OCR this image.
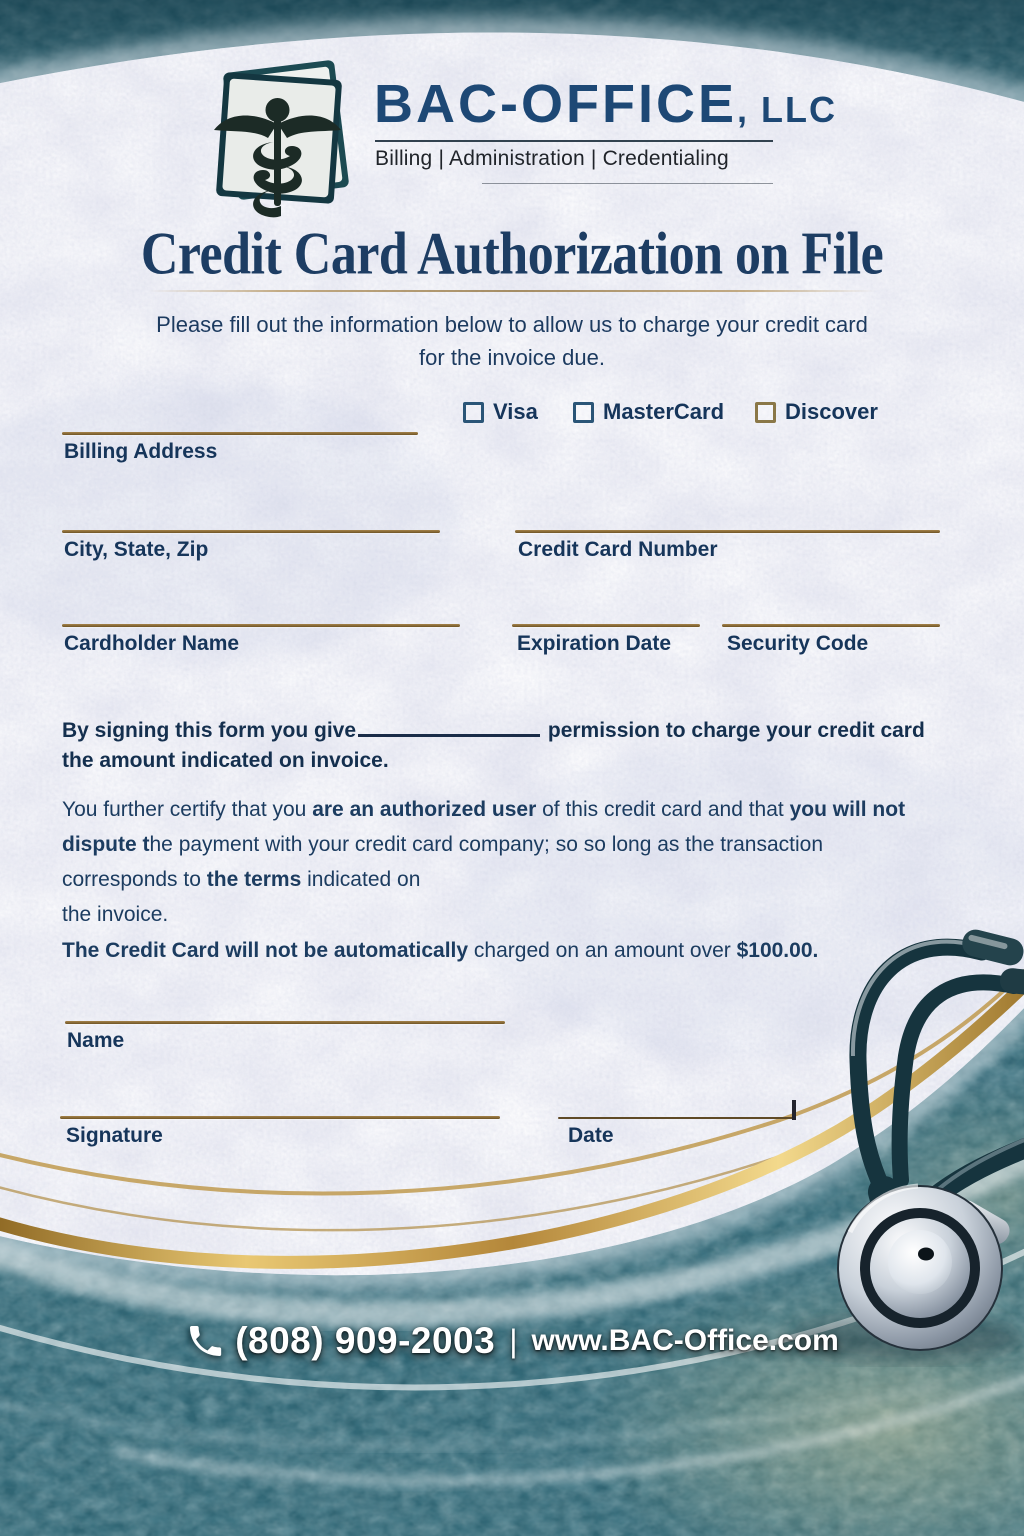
BAC-OFFICE, LLC
Billing | Administration | Credentialing
Credit Card Authorization on File
Please fill out the information below to allow us to charge your credit card
for the invoice due.
Visa	MasterCard	Discover
Billing Address
City, State, Zip	Credit Card Number
Cardholder Name	Expiration Date	Security Code
By signing this form you give	permission to charge your credit card
the amount indicated on invoice.
You further certify that you are an authorized user of this credit card and that you will not
dispute the payment with your credit card company; so so long as the transaction
corresponds to the terms indicated on
the invoice.
The Credit Card will not be automatically charged on an amount over $100.00.
Name
Signature	Date
(808) 909-2003 | www.BAC-Office.com
